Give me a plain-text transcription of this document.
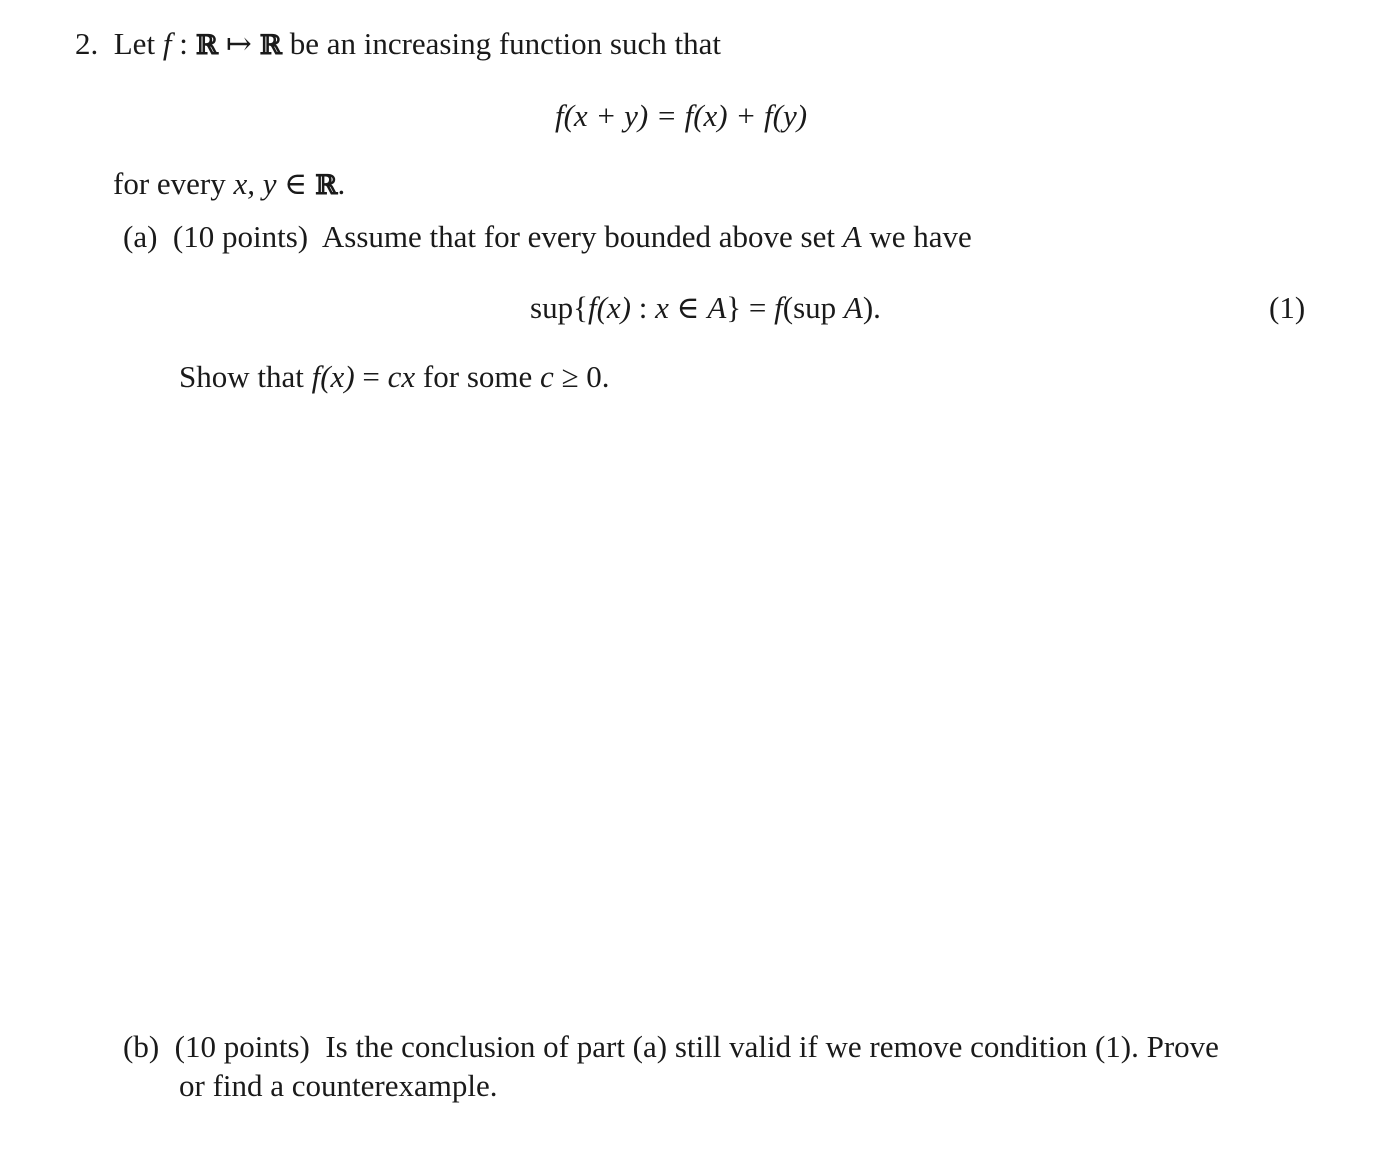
2. Let f : ℝ ↦ ℝ be an increasing function such that
f(x + y) = f(x) + f(y)
for every x, y ∈ ℝ.
(a) (10 points) Assume that for every bounded above set A we have
sup{f(x) : x ∈ A} = f(sup A).	(1)
Show that f(x) = cx for some c ≥ 0.
(b) (10 points) Is the conclusion of part (a) still valid if we remove condition (1). Prove
or find a counterexample.
